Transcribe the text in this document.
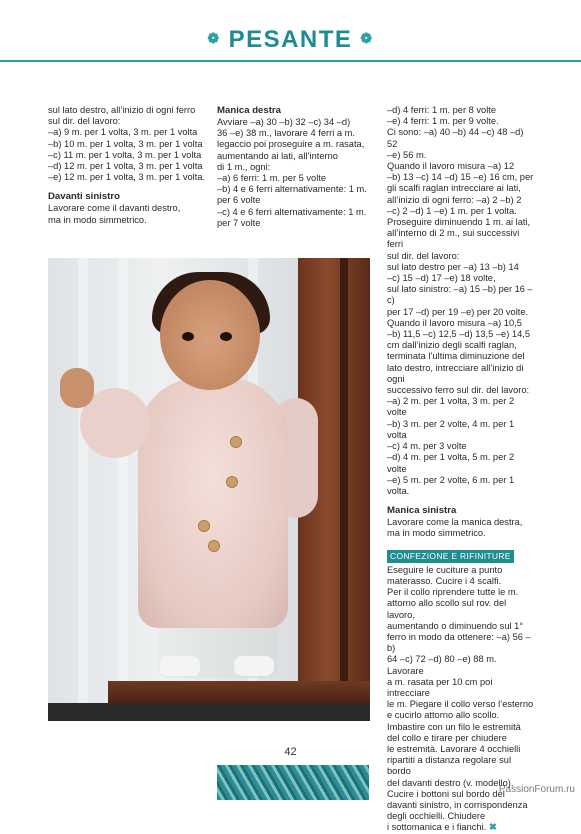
❁ PESANTE ❁

sul lato destro, all’inizio di ogni ferro

sul dir. del lavoro:

–a) 9 m. per 1 volta, 3 m. per 1 volta

–b) 10 m. per 1 volta, 3 m. per 1 volta

–c) 11 m. per 1 volta, 3 m. per 1 volta

–d) 12 m. per 1 volta, 3 m. per 1 volta

–e) 12 m. per 1 volta, 3 m. per 1 volta.

Davanti sinistro

Lavorare come il davanti destro,

ma in modo simmetrico.

Manica destra

Avviare –a) 30 –b) 32 –c) 34 –d)

36 –e) 38 m., lavorare 4 ferri a m.

legaccio poi proseguire a m. rasata,

aumentando ai lati, all’interno

di 1 m., ogni:

–a) 6 ferri: 1 m. per 5 volte

–b) 4 e 6 ferri alternativamente: 1 m.

per 6 volte

–c) 4 e 6 ferri alternativamente: 1 m.

per 7 volte

–d) 4 ferri: 1 m. per 8 volte

–e) 4 ferri: 1 m. per 9 volte.

Ci sono: –a) 40 –b) 44 –c) 48 –d) 52

–e) 56 m.

Quando il lavoro misura –a) 12

–b) 13 –c) 14 –d) 15 –e) 16 cm, per

gli scalfi raglan intrecciare ai lati,

all’inizio di ogni ferro: –a) 2 –b) 2

–c) 2 –d) 1 –e) 1 m. per 1 volta.

Proseguire diminuendo 1 m. ai lati,

all’interno di 2 m., sui successivi ferri

sul dir. del lavoro:

sul lato destro per –a) 13 –b) 14

–c) 15 –d) 17 –e) 18 volte,

sul lato sinistro: –a) 15 –b) per 16 –c)

per 17 –d) per 19 –e) per 20 volte.

Quando il lavoro misura –a) 10,5

–b) 11,5 –c) 12,5 –d) 13,5 –e) 14,5

cm dall’inizio degli scalfi raglan,

terminata l’ultima diminuzione del

lato destro, intrecciare all’inizio di ogni

successivo ferro sul dir. del lavoro:

–a) 2 m. per 1 volta, 3 m. per 2 volte

–b) 3 m. per 2 volte, 4 m. per 1 volta

–c) 4 m. per 3 volte

–d) 4 m. per 1 volta, 5 m. per 2 volte

–e) 5 m. per 2 volte, 6 m. per 1 volta.

Manica sinistra

Lavorare come la manica destra,

ma in modo simmetrico.

CONFEZIONE E RIFINITURE

Eseguire le cuciture a punto

materasso. Cucire i 4 scalfi.

Per il collo riprendere tutte le m.

attorno allo scollo sul rov. del lavoro,

aumentando o diminuendo sul 1°

ferro in modo da ottenere: –a) 56 –b)

64 –c) 72 –d) 80 –e) 88 m. Lavorare

a m. rasata per 10 cm poi intrecciare

le m. Piegare il collo verso l’esterno

e cucirlo attorno allo scollo.

Imbastire con un filo le estremità

del collo e tirare per chiudere

le estremità. Lavorare 4 occhielli

ripartiti a distanza regolare sul bordo

del davanti destro (v. modello).

Cucire i bottoni sul bordo del

davanti sinistro, in corrispondenza

degli occhielli. Chiudere

i sottomanica e i fianchi. ✖

42
PassionForum.ru
